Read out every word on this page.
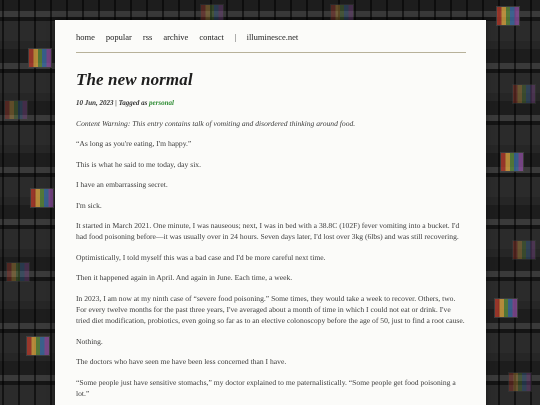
home popular rss archive contact | illuminesce.net
The new normal
10 Jun, 2023 | Tagged as personal

Content Warning: This entry contains talk of vomiting and disordered thinking around food.

“As long as you're eating, I'm happy.”

This is what he said to me today, day six.

I have an embarrassing secret.

I'm sick.

It started in March 2021. One minute, I was nauseous; next, I was in bed with a 38.8C (102F) fever vomiting into a bucket. I'd had food poisoning before—it was usually over in 24 hours. Seven days later, I'd lost over 3kg (6lbs) and was still recovering.

Optimistically, I told myself this was a bad case and I'd be more careful next time.

Then it happened again in April. And again in June. Each time, a week.

In 2023, I am now at my ninth case of “severe food poisoning.” Some times, they would take a week to recover. Others, two. For every twelve months for the past three years, I've averaged about a month of time in which I could not eat or drink. I've tried diet modification, probiotics, even going so far as to an elective colonoscopy before the age of 50, just to find a root cause.

Nothing.

The doctors who have seen me have been less concerned than I have.

“Some people just have sensitive stomachs,” my doctor explained to me paternalistically. “Some people get food poisoning a lot.”
